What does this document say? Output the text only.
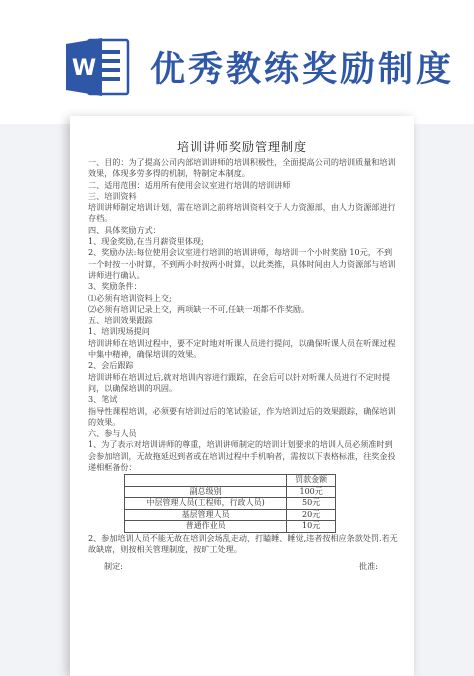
W 优秀教练奖励制度
培训讲师奖励管理制度

一、目的：为了提高公司内部培训讲师的培训积极性，全面提高公司的培训质量和培训效果，体现多劳多得的机制，特制定本制度。

二、适用范围：适用所有使用会议室进行培训的培训讲师

三、培训资料

培训讲师制定培训计划，需在培训之前将培训资料交于人力资源部，由人力资源部进行存档。

四、具体奖励方式：

1、现金奖励,在当月薪资里体现;

2、奖励办法:每位使用会议室进行培训的培训讲师，每培训一个小时奖励 10元，不到一个时按一小时算，不到两小时按两小时算，以此类推，具体时间由人力资源部与培训讲师进行确认。

3、奖励条件：

⑴必须有培训资料上交;

⑵必须有培训记录上交，两项缺一不可,任缺一项都不作奖励。

五、培训效果跟踪

1、培训现场提问

培训讲师在培训过程中，要不定时地对听课人员进行提问，以确保听课人员在听课过程中集中精神，确保培训的效果。

2、会后跟踪

培训讲师在培训过后,就对培训内容进行跟踪，在会后可以针对听课人员进行不定时提问，以确保培训的巩固。

3、笔试

指导性课程培训，必须要有培训过后的笔试验证，作为培训过后的效果跟踪，确保培训的效果。

六、参与人员

1、为了表示对培训讲师的尊重，培训讲师制定的培训计划要求的培训人员必须准时到会参加培训，无故拖延迟到者或在培训过程中手机响者，需按以下表格标准，往奖金投递相框备份：

	罚款金额
副总级别	100元
中层管理人员(工程师，行政人员)	50元
基层管理人员	20元
普通作业员	10元

2、参加培训人员不能无故在培训会场乱走动、打瞌睡、睡觉,违者按相应条款处罚.若无故缺席，则按相关管理制度，按旷工处理。

制定:	批准:
